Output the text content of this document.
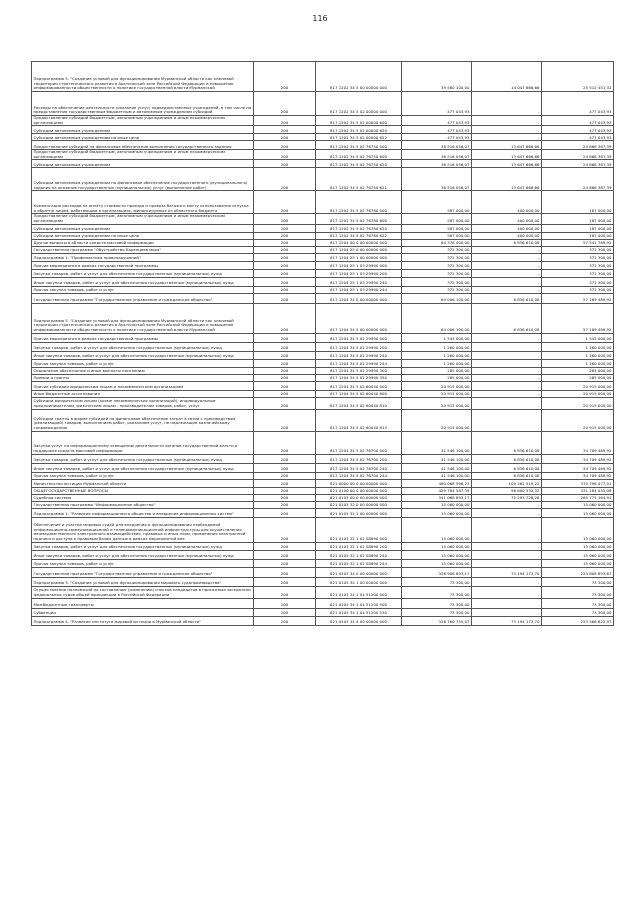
116
Подпрограмма 5. "Создание условий для функционирования Мурманской области как ключевой территории стратегического развития в Арктической зоне Российской Федерации и повышение информированности общественности о политике государственной власти Мурманской	200	817 1202 34 5 00 00000 000	39 580 100,00	14 047 666,66	25 512 451,32
Расходы на обеспечение деятельности (оказание услуг) подведомственных учреждений, в том числе на предоставление государственным бюджетным и автономным учреждениям субсидий	200	817 1202 34 5 02 00000 000	477 043,93	-	477 043,93
Предоставление субсидий бюджетным, автономным учреждениям и иным некоммерческим организациям	200	817 1202 34 5 02 00000 600	477 043,93	-	477 043,93
Субсидии автономным учреждениям	200	817 1202 34 5 02 00000 620	477 043,93	-	477 043,93
Субсидии автономным учреждениям на иные цели	200	817 1202 34 5 02 00000 622	477 043,93	-	477 043,93
Предоставление субсидий на финансовое обеспечение выполнения государственного задания	200	817 1202 34 5 02 76750 000	38 516 056,07	13 647 666,66	24 868 387,39
Предоставление субсидий бюджетным, автономным учреждениям и иным некоммерческим организациям	200	817 1202 34 5 02 76750 600	38 516 056,07	13 647 666,66	24 868 387,39
Субсидии автономным учреждениям	200	817 1202 34 5 02 76750 620	38 516 056,07	13 647 666,66	24 868 387,39
Субсидии автономным учреждениям на финансовое обеспечение государственного (муниципального) задания на оказание государственных (муниципальных) услуг (выполнение работ)	200	817 1202 34 5 02 76750 621	38 516 056,07	13 647 666,66	24 868 387,39
Компенсация расходов на оплату стоимости проезда и провоза багажа к месту использования отпуска и обратно лицам, работающим в организациях, финансируемых из областного бюджета	200	817 1202 34 5 02 76780 000	587 000,00	400 000,00	187 000,00
Предоставление субсидий бюджетным, автономным учреждениям и иным некоммерческим организациям	200	817 1202 34 5 02 76780 600	587 000,00	400 000,00	187 000,00
Субсидии автономным учреждениям	200	817 1202 34 5 02 76780 620	587 000,00	400 000,00	187 000,00
Субсидии автономным учреждениям на иные цели	200	817 1202 34 5 02 76780 622	587 000,00	400 000,00	187 000,00
Другие вопросы в области средств массовой информации	200	817 1204 00 0 00 00000 000	64 378 400,00	6 836 610,08	57 541 789,92
Государственная программа "Обустройство Баренцева моря"	200	817 1204 25 0 00 00000 000	372 300,00	-	372 300,00
Подпрограмма 1. "Профилактика правонарушений"	200	817 1204 25 1 00 00000 000	372 300,00	-	372 300,00
Прочие мероприятия в рамках государственной программы	200	817 1204 25 1 03 29990 000	372 300,00	-	372 300,00
Закупка товаров, работ и услуг для обеспечения государственных (муниципальных) нужд	200	817 1204 25 1 03 29990 200	372 300,00	-	372 300,00
Иные закупки товаров, работ и услуг для обеспечения государственных (муниципальных) нужд	200	817 1204 25 1 03 29990 240	372 300,00	-	372 300,00
Прочая закупка товаров, работ и услуг	200	817 1204 25 1 03 29990 244	372 300,00	-	372 300,00
Государственная программа "Государственное управление и гражданское общество"	200	817 1204 34 0 00 00000 000	64 006 100,00	6 836 610,08	57 169 489,92
Подпрограмма 5. "Создание условий для функционирования Мурманской области как ключевой территории стратегического развития в Арктической зоне Российской Федерации и повышение информированности общественности о политике государственной власти Мурманской	200	817 1204 34 5 00 00000 000	64 006 100,00	6 836 610,08	57 169 489,92
Прочие мероприятия в рамках государственной программы	200	817 1204 34 5 02 29990 000	1 545 000,00	-	1 545 000,00
Закупка товаров, работ и услуг для обеспечения государственных (муниципальных) нужд	200	817 1204 34 5 02 29990 200	1 260 000,00	-	1 260 000,00
Иные закупки товаров, работ и услуг для обеспечения государственных (муниципальных) нужд	200	817 1204 34 5 02 29990 240	1 260 000,00	-	1 260 000,00
Прочая закупка товаров, работ и услуг	200	817 1204 34 5 02 29990 244	1 260 000,00	-	1 260 000,00
Социальное обеспечение и иные выплаты населению	200	817 1204 34 5 02 29990 300	285 000,00	-	285 000,00
Премии и гранты	200	817 1204 34 5 02 29990 350	285 000,00	-	285 000,00
Прочие субсидии юридическим лицам и некоммерческим организациям	200	817 1204 34 5 02 60040 000	20 915 000,00	-	20 915 000,00
Иные бюджетные ассигнования	200	817 1204 34 5 02 60040 800	20 915 000,00	-	20 915 000,00
Субсидии юридическим лицам (кроме некоммерческих организаций), индивидуальным предпринимателям, физическим лицам - производителям товаров, работ, услуг	200	817 1204 34 5 02 60040 810	20 915 000,00	-	20 915 000,00
Субсидии гранты в форме субсидий на финансовое обеспечение затрат в связи с производством (реализацией) товаров, выполнением работ, оказанием услуг, не подлежащие казначейскому сопровождению	200	817 1204 34 5 02 60040 813	20 915 000,00	-	20 915 000,00
Закупка услуг по информационному освещению деятельности органов государственной власти и поддержке средств массовой информации	200	817 1204 34 5 02 76700 000	41 546 100,00	6 836 610,08	34 709 489,92
Закупка товаров, работ и услуг для обеспечения государственных (муниципальных) нужд	200	817 1204 34 5 02 76700 200	41 546 100,00	6 836 610,08	34 709 489,92
Иные закупки товаров, работ и услуг для обеспечения государственных (муниципальных) нужд	200	817 1204 34 5 02 76700 240	41 546 100,00	6 836 610,08	34 709 489,92
Прочая закупка товаров, работ и услуг	200	817 1204 34 5 02 76700 244	41 546 100,00	6 836 610,08	34 709 489,92
Министерство юстиции Мурманской области	200	821 0000 00 0 00 00000 000	480 068 596,23	109 262 519,22	370 796 077,01
ОБЩЕГОСУДАРСТВЕННЫЕ ВОПРОСЫ	200	821 0100 00 0 00 00000 000	429 784 587,39	98 600 532,32	331 184 055,08
Судебная система	200	821 0105 00 0 00 00000 000	341 068 893,17	75 293 728,26	265 775 164,91
Государственная программа "Информационное общество"	200	821 0105 32 0 00 00000 000	15 060 000,00	-	15 060 000,00
Подпрограмма 1. "Развитие информационного общества и внедрение информационных систем"	200	821 0105 32 1 00 00000 000	15 060 000,00	-	15 060 000,00
Обеспечение и участие мировых судей для внедрения и функционирования необходимой информационно-коммуникационной и телекоммуникационной инфраструктуры для осуществления межведомственного электронного взаимодействия, правовых и иных норм, применения электронной подписи и доступа к правовым базам данных в рамках мероприятий вне	200	821 0105 32 1 02 S8890 000	15 060 000,00	-	15 060 000,00
Закупка товаров, работ и услуг для обеспечения государственных (муниципальных) нужд	200	821 0105 32 1 02 S8890 200	15 060 000,00	-	15 060 000,00
Иные закупки товаров, работ и услуг для обеспечения государственных (муниципальных) нужд	200	821 0105 32 1 02 S8890 240	15 060 000,00	-	15 060 000,00
Прочая закупка товаров, работ и услуг	200	821 0105 32 1 02 S8890 244	15 060 000,00	-	15 060 000,00
Государственная программа "Государственное управление и гражданское общество"	200	821 0105 34 0 00 00000 000	326 908 893,17	73 194 173,70	253 808 893,67
Подпрограмма 3. "Создание условий для функционирования мирового судопроизводства"	200	821 0105 34 1 00 00000 000	73 300,00	-	73 300,00
Осуществление полномочий по составлению (изменению) списков кандидатов в присяжные заседатели федеральных судов общей юрисдикции в Российской Федерации	200	821 0105 34 1 04 51200 000	73 300,00	-	73 300,00
Межбюджетные трансферты	200	821 0105 34 1 04 51200 500	73 300,00	-	73 300,00
Субвенции	200	821 0105 34 1 04 51200 530	73 300,00	-	73 300,00
Подпрограмма 4. "Развитие института мировой юстиции в Мурманской области"	200	821 0105 34 4 00 00000 000	326 760 755,07	73 194 173,70	253 566 622,97
